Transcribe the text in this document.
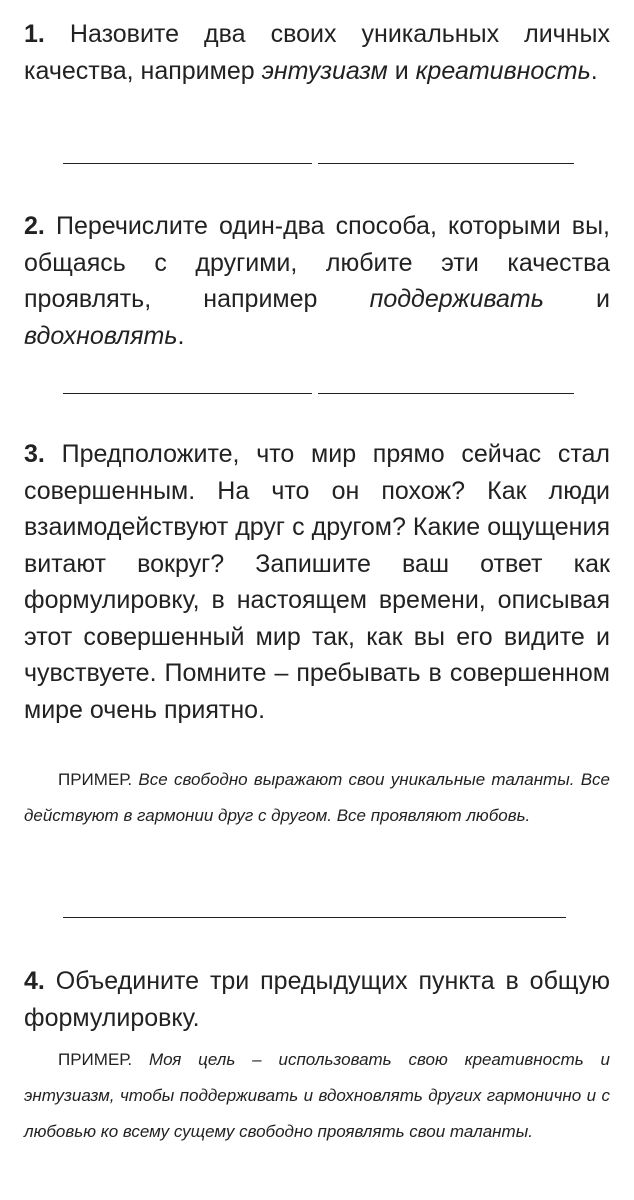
1. Назовите два своих уникальных личных качества, например энтузиазм и креативность.

2. Перечислите один-два способа, которыми вы, общаясь с другими, любите эти качества проявлять, например поддерживать и вдохновлять.

3. Предположите, что мир прямо сейчас стал совершенным. На что он похож? Как люди взаимодействуют друг с другом? Какие ощущения витают вокруг? Запишите ваш ответ как формулировку, в настоящем времени, описывая этот совершенный мир так, как вы его видите и чувствуете. Помните – пребывать в совершенном мире очень приятно.

ПРИМЕР. Все свободно выражают свои уникальные таланты. Все действуют в гармонии друг с другом. Все проявляют любовь.

4. Объедините три предыдущих пункта в общую формулировку.

ПРИМЕР. Моя цель – использовать свою креативность и энтузиазм, чтобы поддерживать и вдохновлять других гармонично и с любовью ко всему сущему свободно проявлять свои таланты.
